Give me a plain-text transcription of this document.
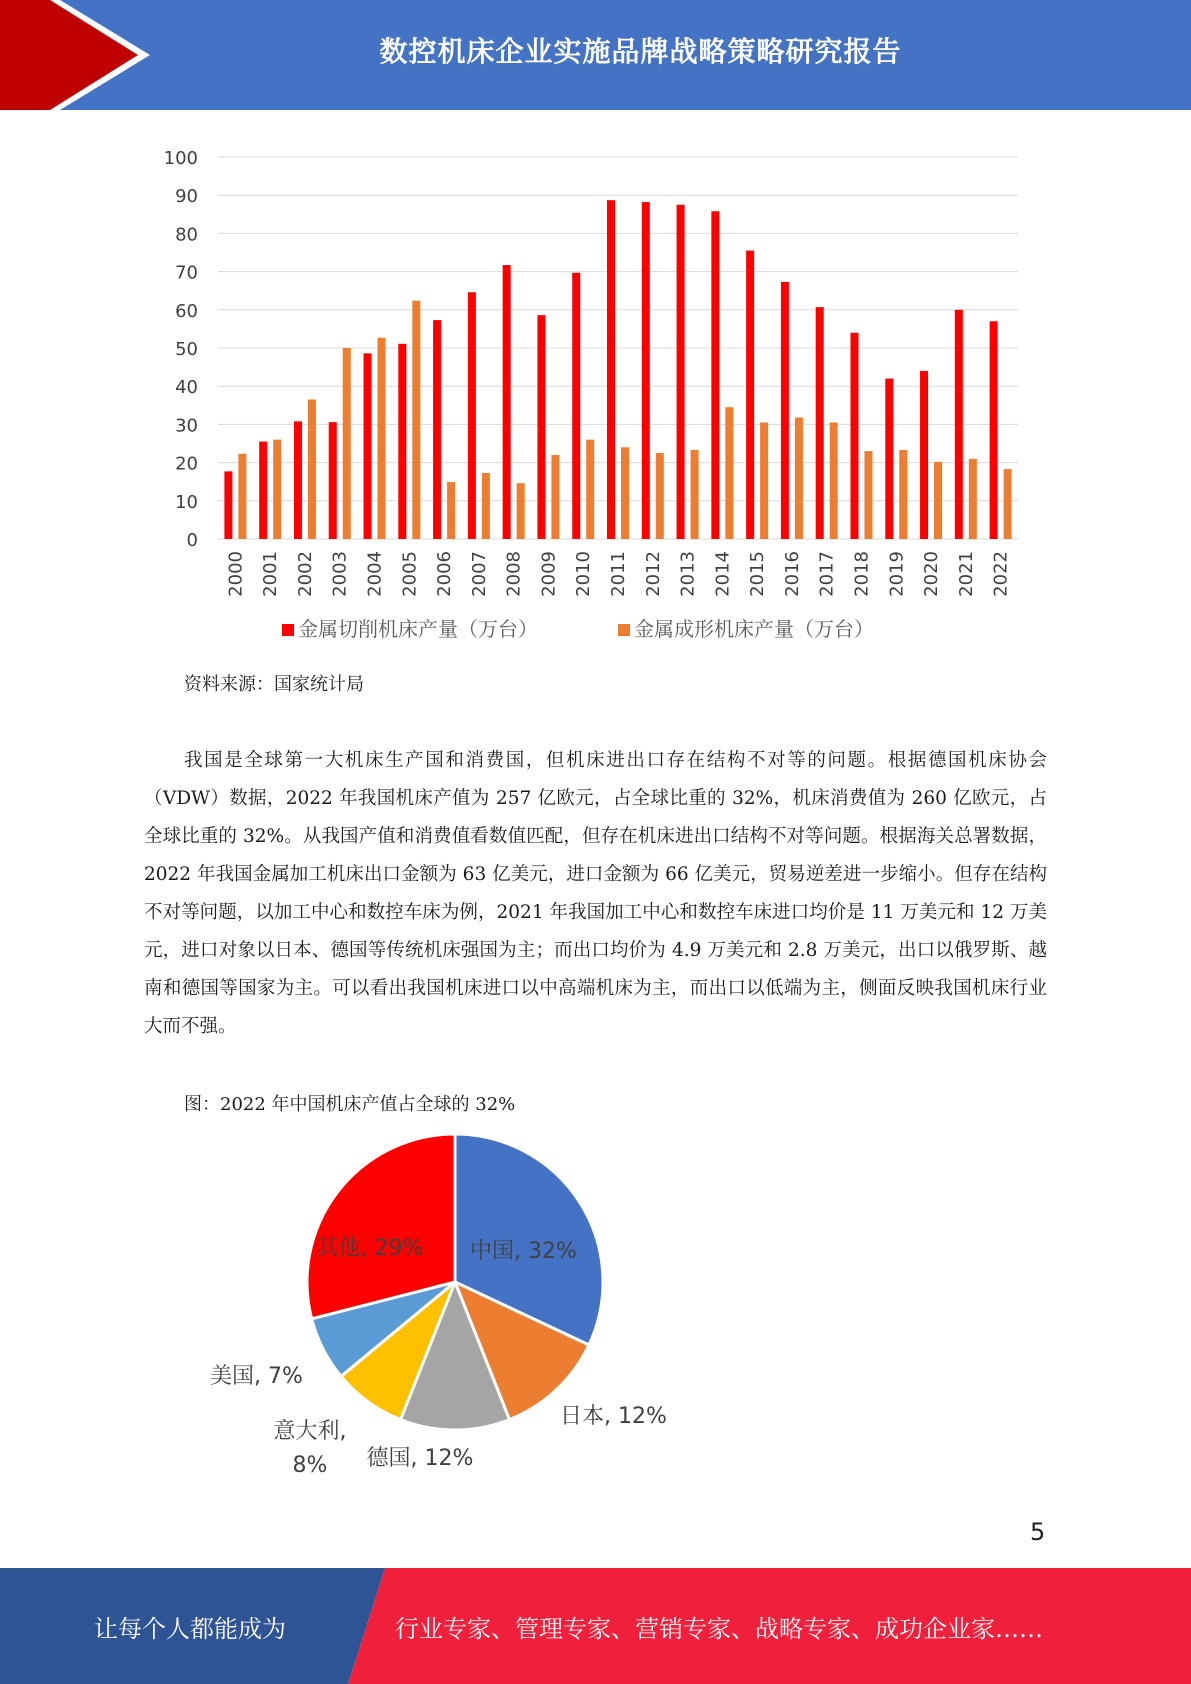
数控机床企业实施品牌战略策略研究报告
0
10
20
30
40
50
60
70
80
90
100
2000 2001 2002 2003 2004 2005 2006 2007 2008 2009 2010 2011 2012 2013 2014 2015 2016 2017 2018 2019 2020 2021 2022
金属切削机床产量（万台）	金属成形机床产量（万台）
资料来源：国家统计局

我国是全球第一大机床生产国和消费国，但机床进出口存在结构不对等的问题。根据德国机床协会（VDW）数据，2022 年我国机床产值为 257 亿欧元，占全球比重的 32%，机床消费值为 260 亿欧元，占全球比重的 32%。从我国产值和消费值看数值匹配，但存在机床进出口结构不对等问题。根据海关总署数据，2022 年我国金属加工机床出口金额为 63 亿美元，进口金额为 66 亿美元，贸易逆差进一步缩小。但存在结构不对等问题，以加工中心和数控车床为例，2021 年我国加工中心和数控车床进口均价是 11 万美元和 12 万美元，进口对象以日本、德国等传统机床强国为主；而出口均价为 4.9 万美元和 2.8 万美元，出口以俄罗斯、越南和德国等国家为主。可以看出我国机床进口以中高端机床为主，而出口以低端为主，侧面反映我国机床行业大而不强。

图：2022 年中国机床产值占全球的 32%
中国, 32%
日本, 12%
德国, 12%
意大利, 8%
美国, 7%
其他, 29%
5
让每个人都能成为	行业专家、管理专家、营销专家、战略专家、成功企业家……
